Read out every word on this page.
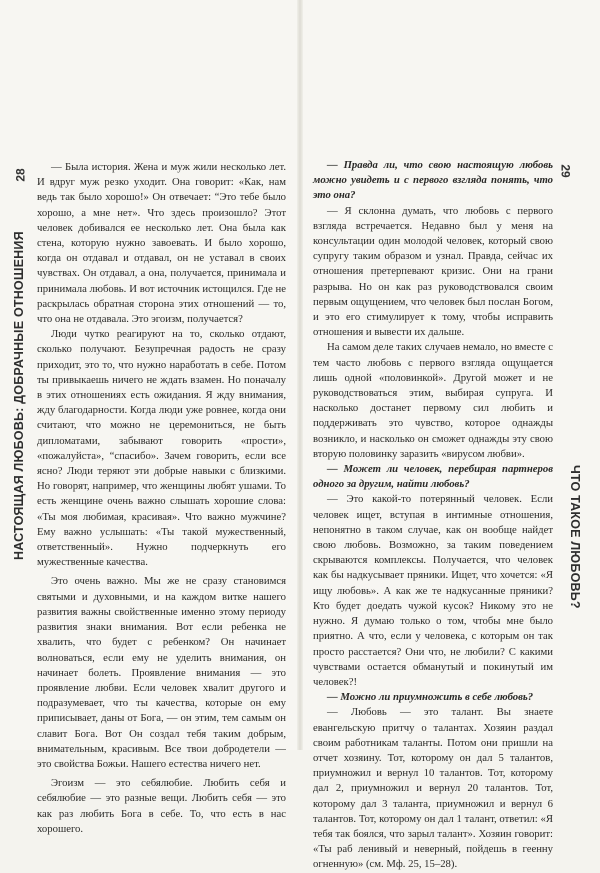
28
НАСТОЯЩАЯ ЛЮБОВЬ: ДОБРАЧНЫЕ ОТНОШЕНИЯ

— Была история. Жена и муж жили несколько лет. И вдруг муж резко уходит. Она говорит: «Как, нам ведь так было хорошо!» Он отвечает: “Это тебе было хорошо, а мне нет». Что здесь произошло? Этот человек добивался ее несколько лет. Она была как стена, которую нужно завоевать. И было хорошо, когда он отдавал и отдавал, он не уставал в своих чувствах. Он отдавал, а она, получается, принимала и принимала любовь. И вот источник истощился. Где не раскрылась обратная сторона этих отношений — то, что она не отдавала. Это эгоизм, получается?

Люди чутко реагируют на то, сколько отдают, сколько получают. Безупречная радость не сразу приходит, это то, что нужно наработать в себе. Потом ты привыкаешь ничего не ждать взамен. Но поначалу в этих отношениях есть ожидания. Я жду внимания, жду благодарности. Когда люди уже ровнее, когда они считают, что можно не церемониться, не быть дипломатами, забывают говорить «прости», «пожалуйста», “спасибо». Зачем говорить, если все ясно? Люди теряют эти добрые навыки с близкими. Но говорят, например, что женщины любят ушами. То есть женщине очень важно слышать хорошие слова: «Ты моя любимая, красивая». Что важно мужчине? Ему важно услышать: «Ты такой мужественный, ответственный». Нужно подчеркнуть его мужественные качества.

Это очень важно. Мы же не сразу становимся святыми и духовными, и на каждом витке нашего развития важны свойственные именно этому периоду развития знаки внимания. Вот если ребенка не хвалить, что будет с ребенком? Он начинает волноваться, если ему не уделить внимания, он начинает болеть. Проявление внимания — это проявление любви. Если человек хвалит другого и подразумевает, что ты качества, которые он ему приписывает, даны от Бога, — он этим, тем самым он славит Бога. Вот Он создал тебя таким добрым, внимательным, красивым. Все твои добродетели — это свойства Божьи. Нашего естества ничего нет.

Эгоизм — это себялюбие. Любить себя и себялюбие — это разные вещи. Любить себя — это как раз любить Бога в себе. То, что есть в нас хорошего.

29
ЧТО ТАКОЕ ЛЮБОВЬ?

— Правда ли, что свою настоящую любовь можно увидеть и с первого взгляда понять, что это она?

— Я склонна думать, что любовь с первого взгляда встречается. Недавно был у меня на консультации один молодой человек, который свою супругу таким образом и узнал. Правда, сейчас их отношения претерпевают кризис. Они на грани разрыва. Но он как раз руководствовался своим первым ощущением, что человек был послан Богом, и это его стимулирует к тому, чтобы исправить отношения и вывести их дальше.

На самом деле таких случаев немало, но вместе с тем часто любовь с первого взгляда ощущается лишь одной «половинкой». Другой может и не руководствоваться этим, выбирая супруга. И насколько достанет первому сил любить и поддерживать это чувство, которое однажды возникло, и насколько он сможет однажды эту свою вторую половинку заразить «вирусом любви».

— Может ли человек, перебирая партнеров одного за другим, найти любовь?

— Это какой-то потерянный человек. Если человек ищет, вступая в интимные отношения, непонятно в таком случае, как он вообще найдет свою любовь. Возможно, за таким поведением скрываются комплексы. Получается, что человек как бы надкусывает пряники. Ищет, что хочется: «Я ищу любовь». А как же те надкусанные пряники? Кто будет доедать чужой кусок? Никому это не нужно. Я думаю только о том, чтобы мне было приятно. А что, если у человека, с которым он так просто расстается? Они что, не любили? С какими чувствами остается обманутый и покинутый им человек?!

— Можно ли приумножить в себе любовь?

— Любовь — это талант. Вы знаете евангельскую притчу о талантах. Хозяин раздал своим работникам таланты. Потом они пришли на отчет хозяину. Тот, которому он дал 5 талантов, приумножил и вернул 10 талантов. Тот, которому дал 2, приумножил и вернул 20 талантов. Тот, которому дал 3 таланта, приумножил и вернул 6 талантов. Тот, которому он дал 1 талант, ответил: «Я тебя так боялся, что зарыл талант». Хозяин говорит: «Ты раб ленивый и неверный, пойдешь в геенну огненную» (см. Мф. 25, 15–28).
